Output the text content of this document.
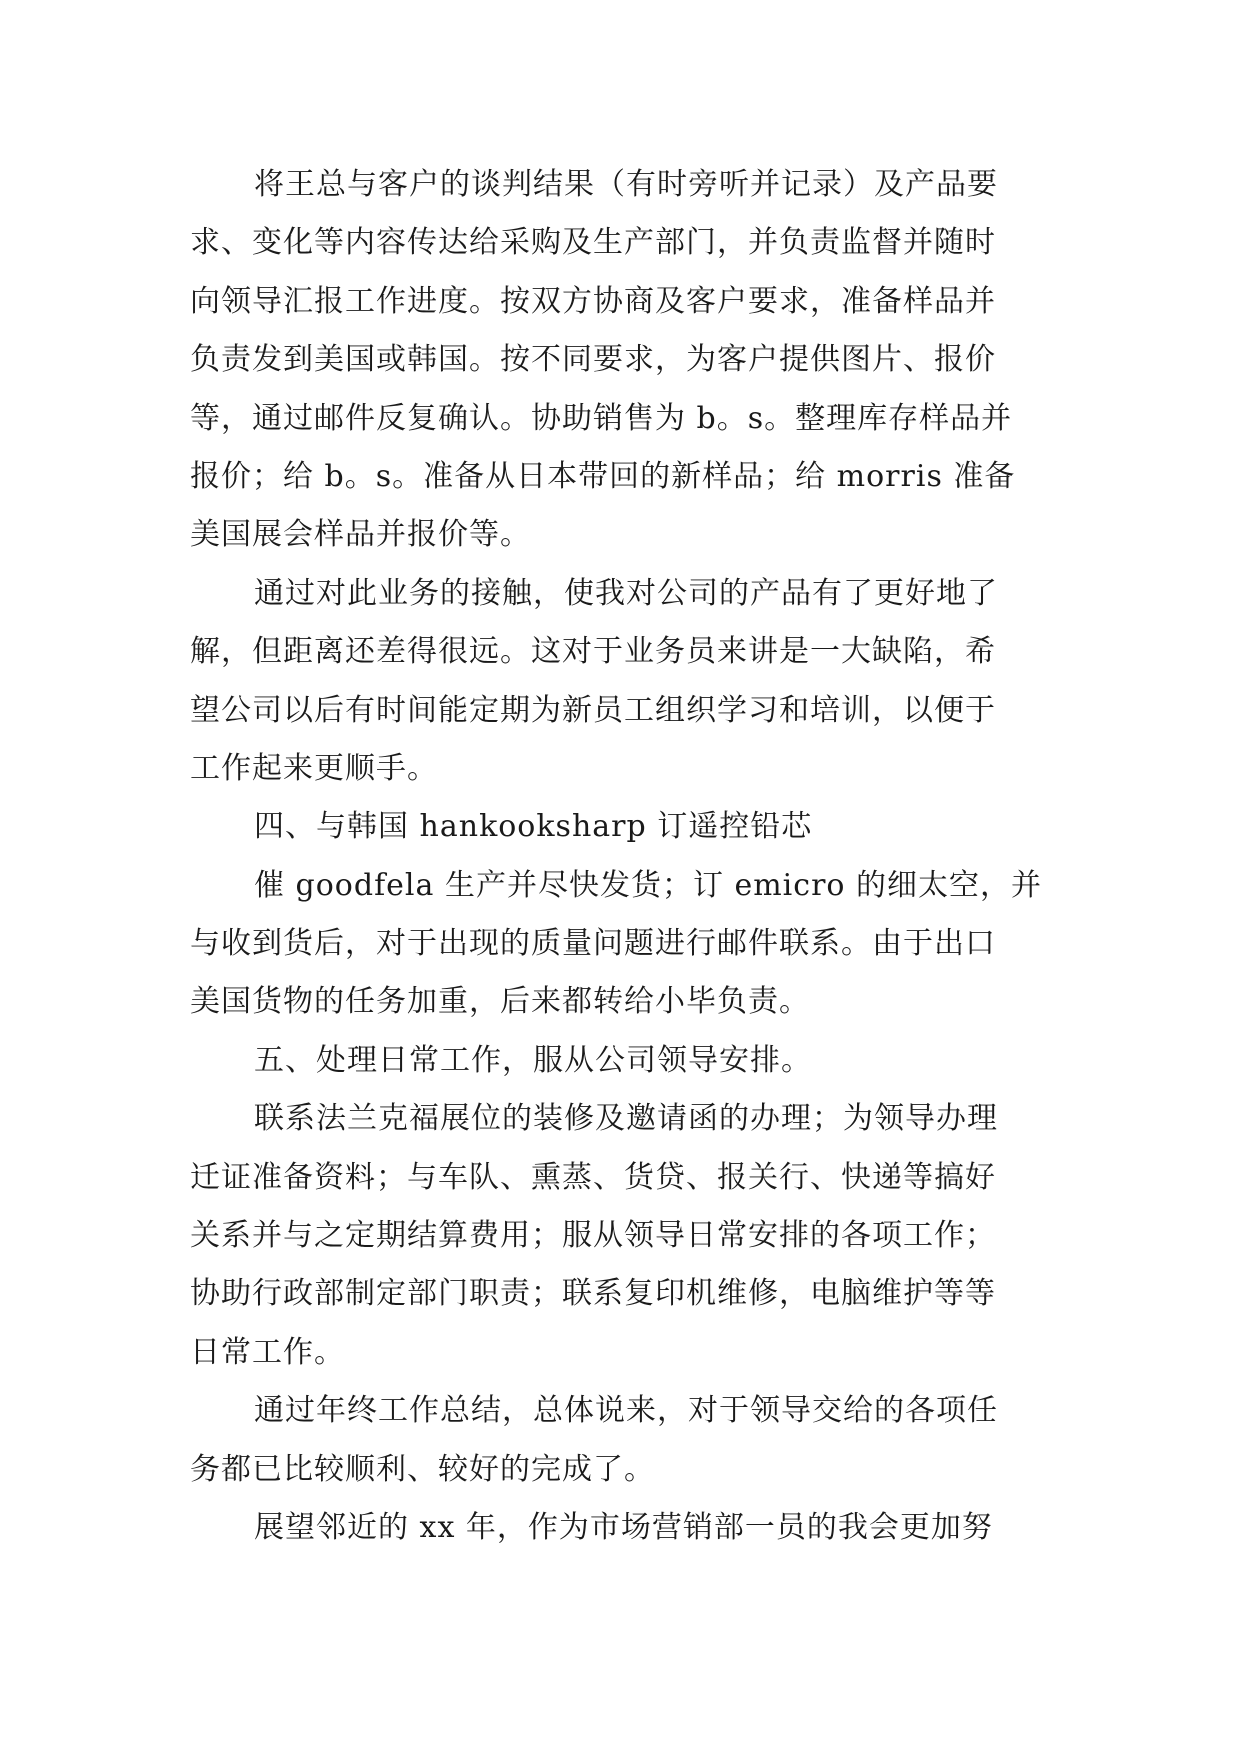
将王总与客户的谈判结果（有时旁听并记录）及产品要
求、变化等内容传达给采购及生产部门，并负责监督并随时
向领导汇报工作进度。按双方协商及客户要求，准备样品并
负责发到美国或韩国。按不同要求，为客户提供图片、报价
等，通过邮件反复确认。协助销售为 b。s。整理库存样品并
报价；给 b。s。准备从日本带回的新样品；给 morris 准备
美国展会样品并报价等。
通过对此业务的接触，使我对公司的产品有了更好地了
解，但距离还差得很远。这对于业务员来讲是一大缺陷，希
望公司以后有时间能定期为新员工组织学习和培训，以便于
工作起来更顺手。
四、与韩国 hankooksharp 订遥控铅芯
催 goodfela 生产并尽快发货；订 emicro 的细太空，并
与收到货后，对于出现的质量问题进行邮件联系。由于出口
美国货物的任务加重，后来都转给小毕负责。
五、处理日常工作，服从公司领导安排。
联系法兰克福展位的装修及邀请函的办理；为领导办理
迁证准备资料；与车队、熏蒸、货贷、报关行、快递等搞好
关系并与之定期结算费用；服从领导日常安排的各项工作；
协助行政部制定部门职责；联系复印机维修，电脑维护等等
日常工作。
通过年终工作总结，总体说来，对于领导交给的各项任
务都已比较顺利、较好的完成了。
展望邻近的 xx 年，作为市场营销部一员的我会更加努
